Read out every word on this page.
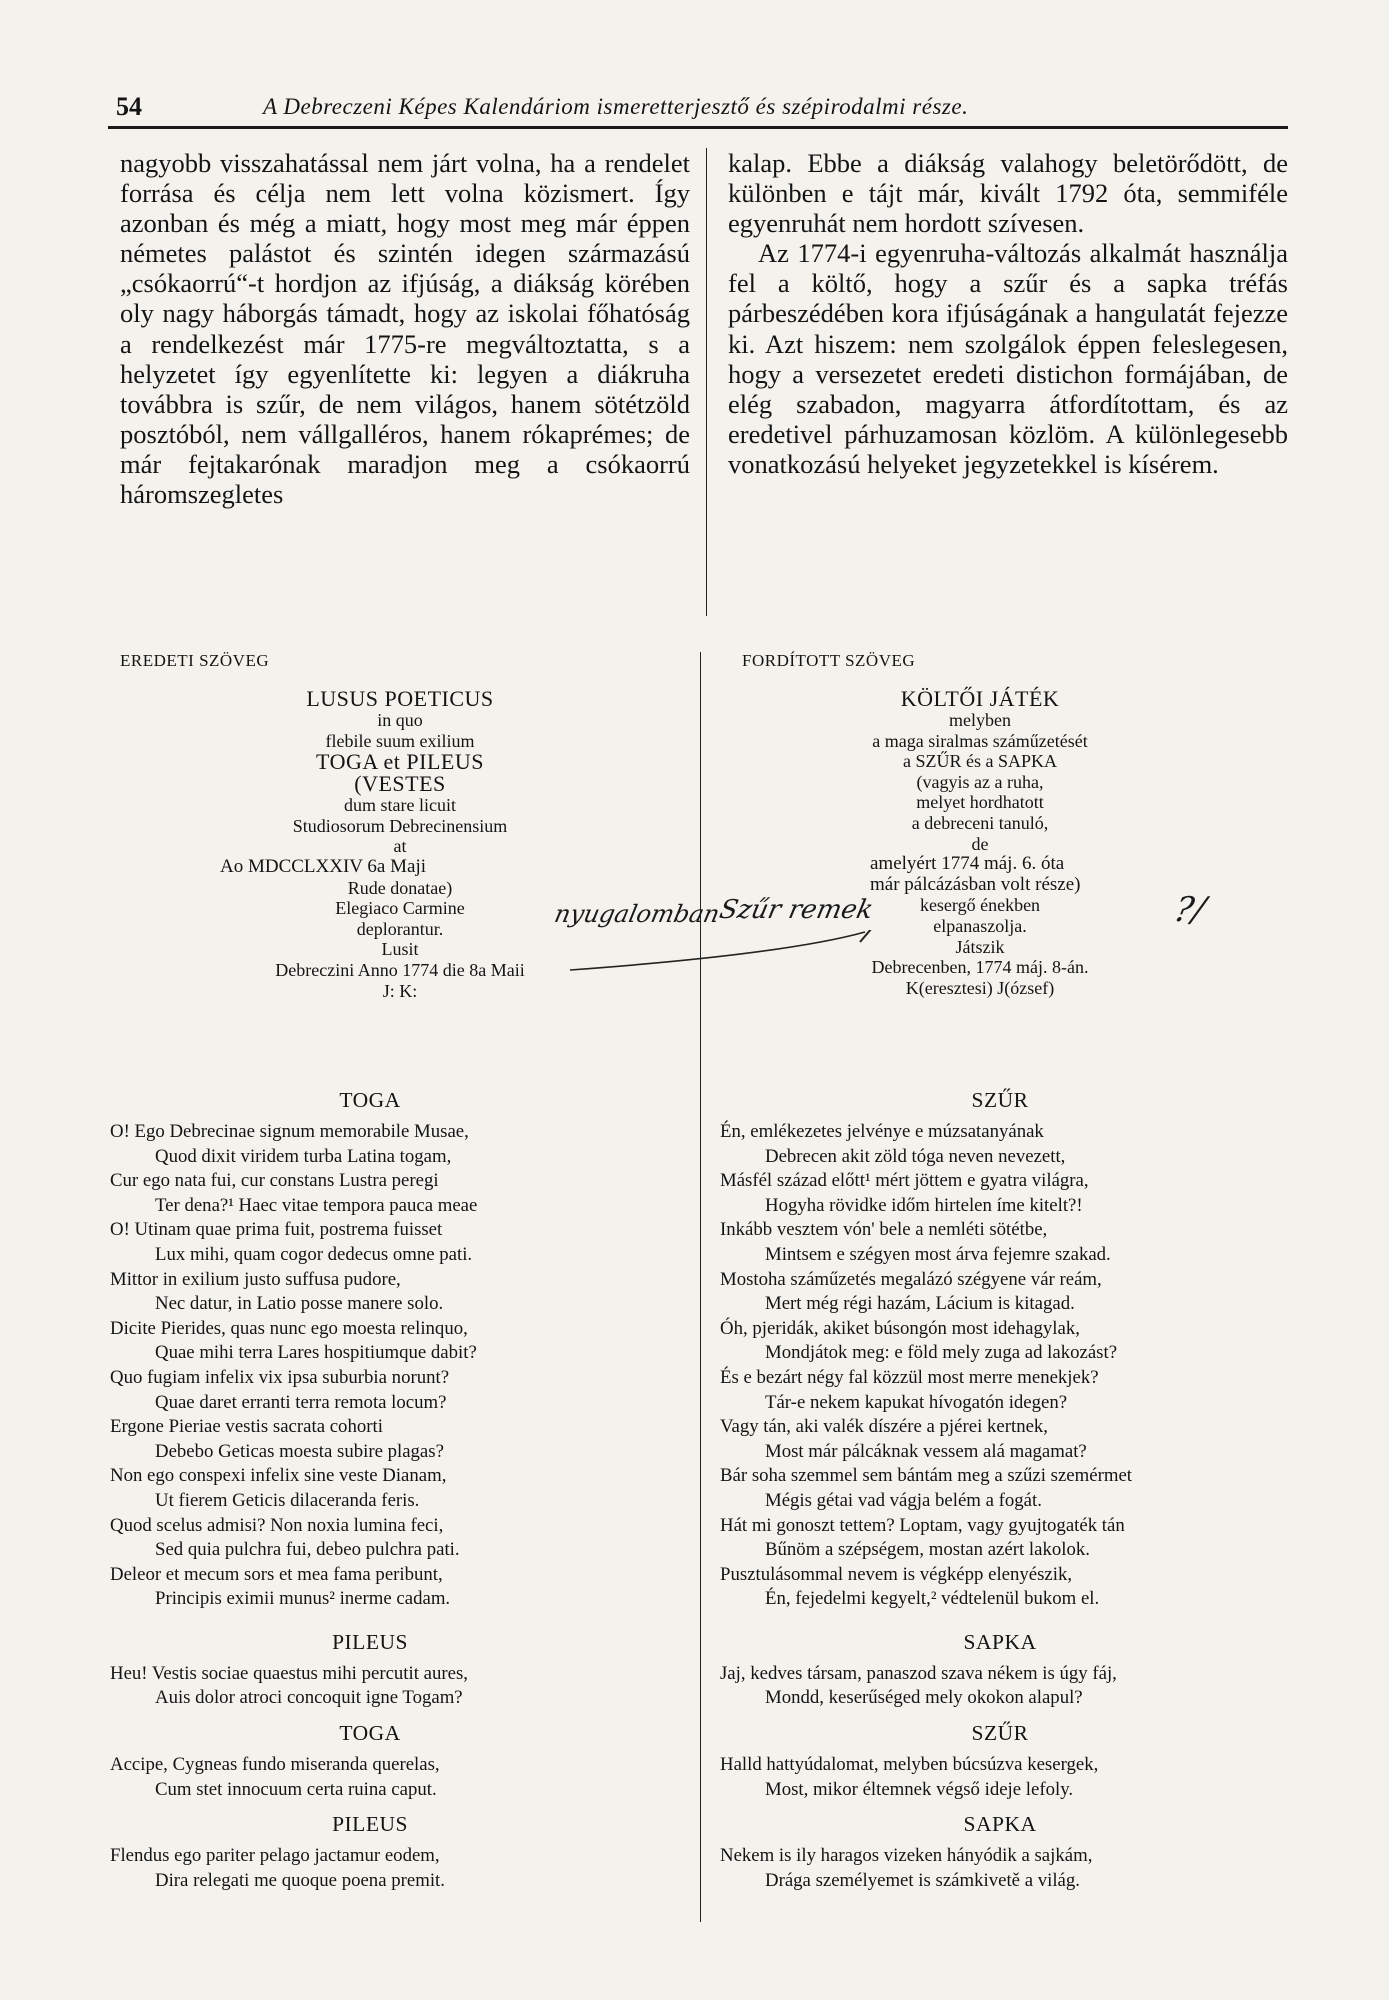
54	A Debreczeni Képes Kalendáriom ismeretterjesztő és szépirodalmi része.

nagyobb visszahatással nem járt volna, ha a rendelet forrása és célja nem lett volna közismert. Így azonban és még a miatt, hogy most meg már éppen németes palástot és szintén idegen származású „csókaorrú“-t hordjon az ifjúság, a diákság körében oly nagy háborgás támadt, hogy az iskolai főhatóság a rendelkezést már 1775-re megváltoztatta, s a helyzetet így egyenlítette ki: legyen a diákruha továbbra is szűr, de nem világos, hanem sötétzöld posztóból, nem vállgalléros, hanem rókaprémes; de már fejtakarónak maradjon meg a csókaorrú háromszegletes

kalap. Ebbe a diákság valahogy beletörődött, de különben e tájt már, kivált 1792 óta, semmiféle egyenruhát nem hordott szívesen.

Az 1774-i egyenruha-változás alkalmát használja fel a költő, hogy a szűr és a sapka tréfás párbeszédében kora ifjúságának a hangulatát fejezze ki. Azt hiszem: nem szolgálok éppen feleslegesen, hogy a versezetet eredeti distichon formájában, de elég szabadon, magyarra átfordítottam, és az eredetivel párhuzamosan közlöm. A különlegesebb vonatkozású helyeket jegyzetekkel is kísérem.

EREDETI SZÖVEG	FORDÍTOTT SZÖVEG
LUSUS POETICUS
in quo
flebile suum exilium
TOGA et PILEUS
(VESTES
dum stare licuit
Studiosorum Debrecinensium
at
Ao MDCCLXXIV 6a Maji
Rude donatae)
Elegiaco Carmine
deplorantur.
Lusit
Debreczini Anno 1774 die 8a Maii
J: K:
KÖLTŐI JÁTÉK
melyben
a maga siralmas száműzetését
a SZŰR és a SAPKA
(vagyis az a ruha,
melyet hordhatott
a debreceni tanuló,
de
amelyért 1774 máj. 6. óta
már pálcázásban volt része)
kesergő énekben
elpanaszolja.
Játszik
Debrecenben, 1774 máj. 8-án.
K(eresztesi) J(ózsef)
nyugalomban
Szűr remek	?/
TOGA
O! Ego Debrecinae signum memorabile Musae,
Quod dixit viridem turba Latina togam,
Cur ego nata fui, cur constans Lustra peregi
Ter dena?¹ Haec vitae tempora pauca meae
O! Utinam quae prima fuit, postrema fuisset
Lux mihi, quam cogor dedecus omne pati.
Mittor in exilium justo suffusa pudore,
Nec datur, in Latio posse manere solo.
Dicite Pierides, quas nunc ego moesta relinquo,
Quae mihi terra Lares hospitiumque dabit?
Quo fugiam infelix vix ipsa suburbia norunt?
Quae daret erranti terra remota locum?
Ergone Pieriae vestis sacrata cohorti
Debebo Geticas moesta subire plagas?
Non ego conspexi infelix sine veste Dianam,
Ut fierem Geticis dilaceranda feris.
Quod scelus admisi? Non noxia lumina feci,
Sed quia pulchra fui, debeo pulchra pati.
Deleor et mecum sors et mea fama peribunt,
Principis eximii munus² inerme cadam.
PILEUS
Heu! Vestis sociae quaestus mihi percutit aures,
Auis dolor atroci concoquit igne Togam?
TOGA
Accipe, Cygneas fundo miseranda querelas,
Cum stet innocuum certa ruina caput.
PILEUS
Flendus ego pariter pelago jactamur eodem,
Dira relegati me quoque poena premit.
SZŰR
Én, emlékezetes jelvénye e múzsatanyának
Debrecen akit zöld tóga neven nevezett,
Másfél század előtt¹ mért jöttem e gyatra világra,
Hogyha rövidke időm hirtelen íme kitelt?!
Inkább vesztem vón' bele a nemléti sötétbe,
Mintsem e szégyen most árva fejemre szakad.
Mostoha száműzetés megalázó szégyene vár reám,
Mert még régi hazám, Lácium is kitagad.
Óh, pjeridák, akiket búsongón most idehagylak,
Mondjátok meg: e föld mely zuga ad lakozást?
És e bezárt négy fal közzül most merre menekjek?
Tár-e nekem kapukat hívogatón idegen?
Vagy tán, aki valék díszére a pjérei kertnek,
Most már pálcáknak vessem alá magamat?
Bár soha szemmel sem bántám meg a szűzi szemérmet
Mégis gétai vad vágja belém a fogát.
Hát mi gonoszt tettem? Loptam, vagy gyujtogaték tán
Bűnöm a szépségem, mostan azért lakolok.
Pusztulásommal nevem is végképp elenyészik,
Én, fejedelmi kegyelt,² védtelenül bukom el.
SAPKA
Jaj, kedves társam, panaszod szava nékem is úgy fáj,
Mondd, keserűséged mely okokon alapul?
SZŰR
Halld hattyúdalomat, melyben búcsúzva kesergek,
Most, mikor éltemnek végső ideje lefoly.
SAPKA
Nekem is ily haragos vizeken hányódik a sajkám,
Drága személyemet is számkivetě a világ.
